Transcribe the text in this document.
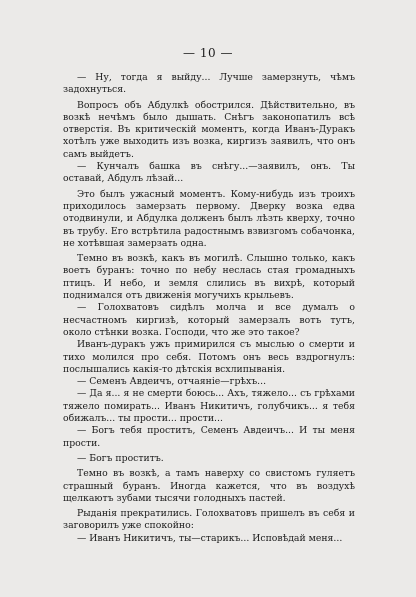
— 10 —

— Ну, тогда я выйду... Лучше замерзнуть, чѣмъ задохнуться.

Вопросъ объ Абдулкѣ обострился. Дѣйствительно, въ возкѣ нечѣмъ было дышать. Снѣгъ законопатилъ всѣ отверстія. Въ критическій моментъ, когда Иванъ-Дуракъ хотѣлъ уже выходить изъ возка, киргизъ заявилъ, что онъ самъ выйдетъ.

— Кунчалъ башка въ снѣгу...—заявилъ, онъ. Ты оставай, Абдулъ лѣзай...

Это былъ ужасный моментъ. Кому-нибудь изъ троихъ приходилось замерзать первому. Дверку возка едва отодвинули, и Абдулка долженъ былъ лѣзть кверху, точно въ трубу. Его встрѣтила радостнымъ взвизгомъ собачонка, не хотѣвшая замерзать одна.

Темно въ возкѣ, какъ въ могилѣ. Слышно только, какъ воетъ буранъ: точно по небу неслась стая громадныхъ птицъ. И небо, и земля слились въ вихрѣ, который поднимался отъ движенія могучихъ крыльевъ.

— Голохватовъ сидѣлъ молча и все думалъ о несчастномъ киргизѣ, который замерзалъ вотъ тутъ, около стѣнки возка. Господи, что же это такое?

Иванъ-дуракъ ужъ примирился съ мыслью о смерти и тихо молился про себя. Потомъ онъ весь вздрогнулъ: послышались какія-то дѣтскія всхлипыванія.

— Семенъ Авдеичъ, отчаяніе—грѣхъ...

— Да я... я не смерти боюсь... Ахъ, тяжело... съ грѣхами тяжело помирать... Иванъ Никитичъ, голубчикъ... я тебя обижалъ... ты прости... прости...

— Богъ тебя проститъ, Семенъ Авдеичъ... И ты меня прости.

— Богъ проститъ.

Темно въ возкѣ, а тамъ наверху со свистомъ гуляетъ страшный буранъ. Иногда кажется, что въ воздухѣ щелкаютъ зубами тысячи голодныхъ пастей.

Рыданія прекратились. Голохватовъ пришелъ въ себя и заговорилъ уже спокойно:

— Иванъ Никитичъ, ты—старикъ... Исповѣдай меня...
